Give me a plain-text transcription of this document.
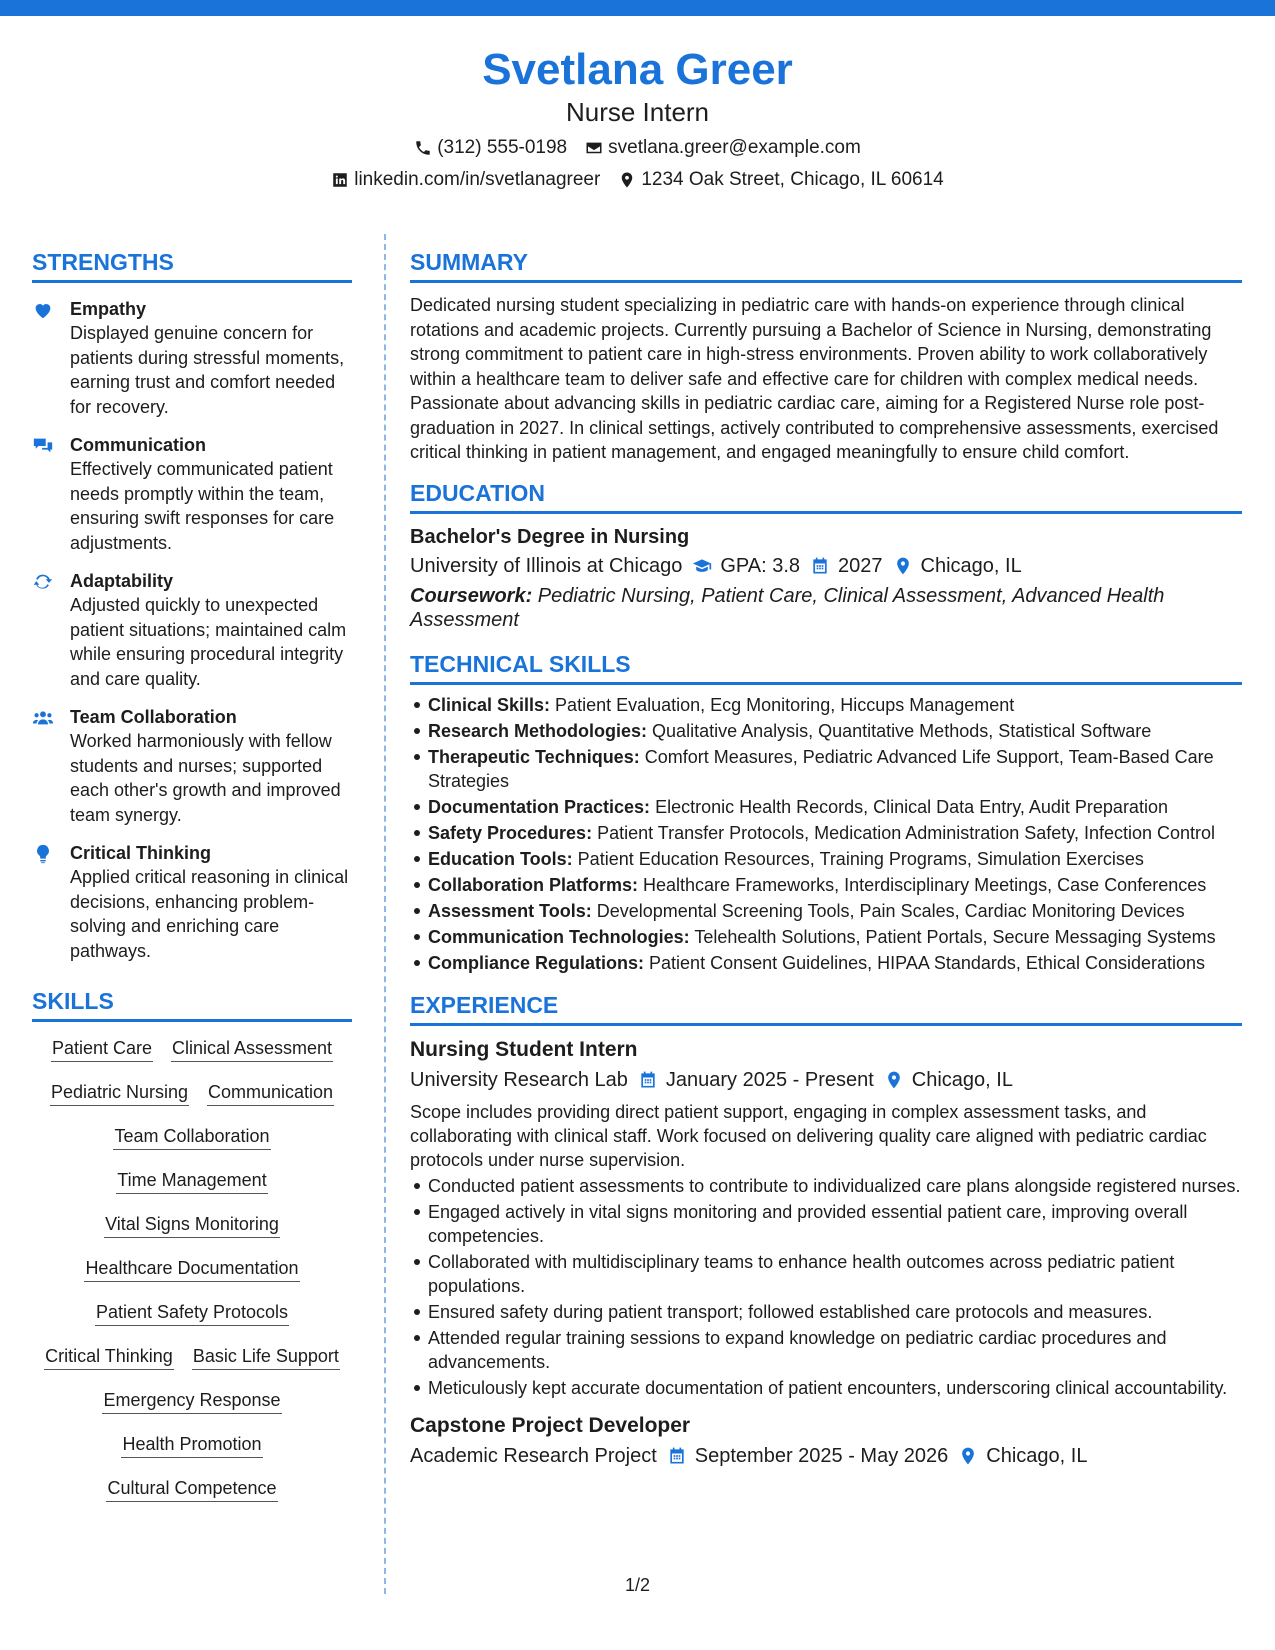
Svetlana Greer
Nurse Intern
(312) 555-0198 svetlana.greer@example.com
linkedin.com/in/svetlanagreer 1234 Oak Street, Chicago, IL 60614
STRENGTHS
Empathy
Displayed genuine concern for patients during stressful moments, earning trust and comfort needed for recovery.
Communication
Effectively communicated patient needs promptly within the team, ensuring swift responses for care adjustments.
Adaptability
Adjusted quickly to unexpected patient situations; maintained calm while ensuring procedural integrity and care quality.
Team Collaboration
Worked harmoniously with fellow students and nurses; supported each other's growth and improved team synergy.
Critical Thinking
Applied critical reasoning in clinical decisions, enhancing problem-solving and enriching care pathways.
SKILLS
Patient Care Clinical Assessment
Pediatric Nursing Communication
Team Collaboration
Time Management
Vital Signs Monitoring
Healthcare Documentation
Patient Safety Protocols
Critical Thinking Basic Life Support
Emergency Response
Health Promotion
Cultural Competence
SUMMARY
Dedicated nursing student specializing in pediatric care with hands-on experience through clinical rotations and academic projects. Currently pursuing a Bachelor of Science in Nursing, demonstrating strong commitment to patient care in high-stress environments. Proven ability to work collaboratively within a healthcare team to deliver safe and effective care for children with complex medical needs. Passionate about advancing skills in pediatric cardiac care, aiming for a Registered Nurse role post-graduation in 2027. In clinical settings, actively contributed to comprehensive assessments, exercised critical thinking in patient management, and engaged meaningfully to ensure child comfort.
EDUCATION
Bachelor's Degree in Nursing
University of Illinois at Chicago GPA: 3.8 2027 Chicago, IL
Coursework: Pediatric Nursing, Patient Care, Clinical Assessment, Advanced Health Assessment
TECHNICAL SKILLS
Clinical Skills: Patient Evaluation, Ecg Monitoring, Hiccups Management
Research Methodologies: Qualitative Analysis, Quantitative Methods, Statistical Software
Therapeutic Techniques: Comfort Measures, Pediatric Advanced Life Support, Team-Based Care Strategies
Documentation Practices: Electronic Health Records, Clinical Data Entry, Audit Preparation
Safety Procedures: Patient Transfer Protocols, Medication Administration Safety, Infection Control
Education Tools: Patient Education Resources, Training Programs, Simulation Exercises
Collaboration Platforms: Healthcare Frameworks, Interdisciplinary Meetings, Case Conferences
Assessment Tools: Developmental Screening Tools, Pain Scales, Cardiac Monitoring Devices
Communication Technologies: Telehealth Solutions, Patient Portals, Secure Messaging Systems
Compliance Regulations: Patient Consent Guidelines, HIPAA Standards, Ethical Considerations
EXPERIENCE
Nursing Student Intern
University Research Lab January 2025 - Present Chicago, IL
Scope includes providing direct patient support, engaging in complex assessment tasks, and collaborating with clinical staff. Work focused on delivering quality care aligned with pediatric cardiac protocols under nurse supervision.
Conducted patient assessments to contribute to individualized care plans alongside registered nurses.
Engaged actively in vital signs monitoring and provided essential patient care, improving overall competencies.
Collaborated with multidisciplinary teams to enhance health outcomes across pediatric patient populations.
Ensured safety during patient transport; followed established care protocols and measures.
Attended regular training sessions to expand knowledge on pediatric cardiac procedures and advancements.
Meticulously kept accurate documentation of patient encounters, underscoring clinical accountability.
Capstone Project Developer
Academic Research Project September 2025 - May 2026 Chicago, IL
1/2
